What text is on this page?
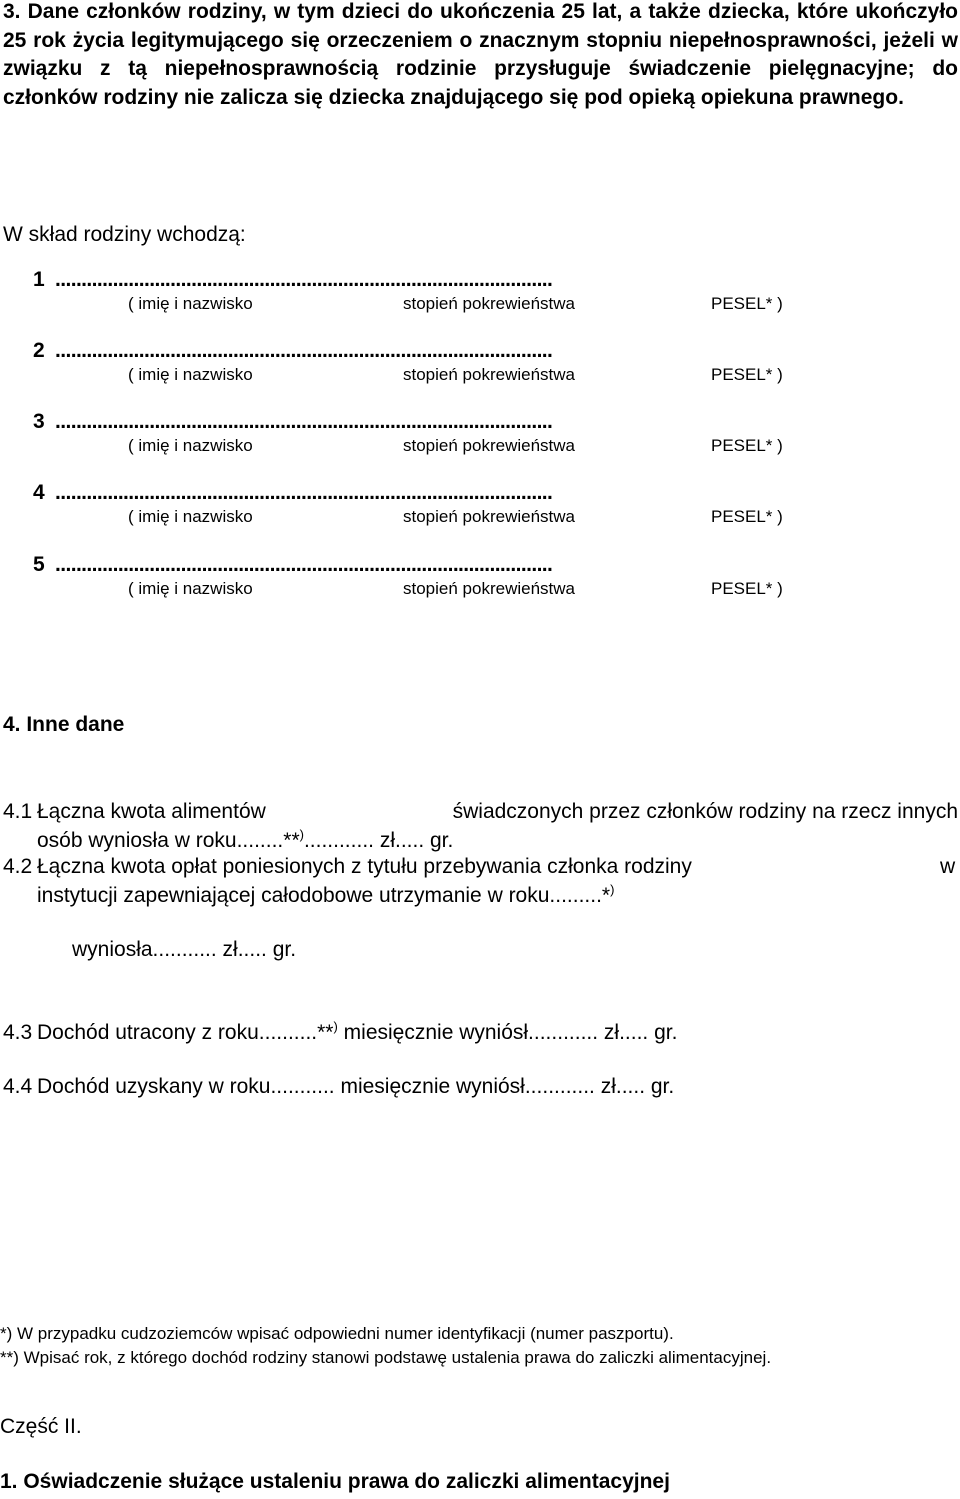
3. Dane członków rodziny, w tym dzieci do ukończenia 25 lat, a także dziecka, które ukończyło 25 rok życia legitymującego się orzeczeniem o znacznym stopniu niepełnosprawności, jeżeli w związku z tą niepełnosprawnością rodzinie przysługuje świadczenie pielęgnacyjne; do członków rodziny nie zalicza się dziecka znajdującego się pod opieką opiekuna prawnego.
W skład rodziny wchodzą:
1 ...............................................................................................
( imię i nazwisko	stopień pokrewieństwa	PESEL* )
2 ...............................................................................................
( imię i nazwisko	stopień pokrewieństwa	PESEL* )
3 ...............................................................................................
( imię i nazwisko	stopień pokrewieństwa	PESEL* )
4 ...............................................................................................
( imię i nazwisko	stopień pokrewieństwa	PESEL* )
5 ...............................................................................................
( imię i nazwisko	stopień pokrewieństwa	PESEL* )
4. Inne dane
4.1 Łączna kwota alimentów	świadczonych przez członków rodziny na rzecz innych
osób wyniosła w roku........**)............ zł..... gr.
4.2 Łączna kwota opłat poniesionych z tytułu przebywania członka rodziny	w
instytucji zapewniającej całodobowe utrzymanie w roku.........*)
wyniosła........... zł..... gr.
4.3 Dochód utracony z roku..........**) miesięcznie wyniósł............ zł..... gr.
4.4 Dochód uzyskany w roku........... miesięcznie wyniósł............ zł..... gr.
*) W przypadku cudzoziemców wpisać odpowiedni numer identyfikacji (numer paszportu).
**) Wpisać rok, z którego dochód rodziny stanowi podstawę ustalenia prawa do zaliczki alimentacyjnej.
Część II.
1. Oświadczenie służące ustaleniu prawa do zaliczki alimentacyjnej
